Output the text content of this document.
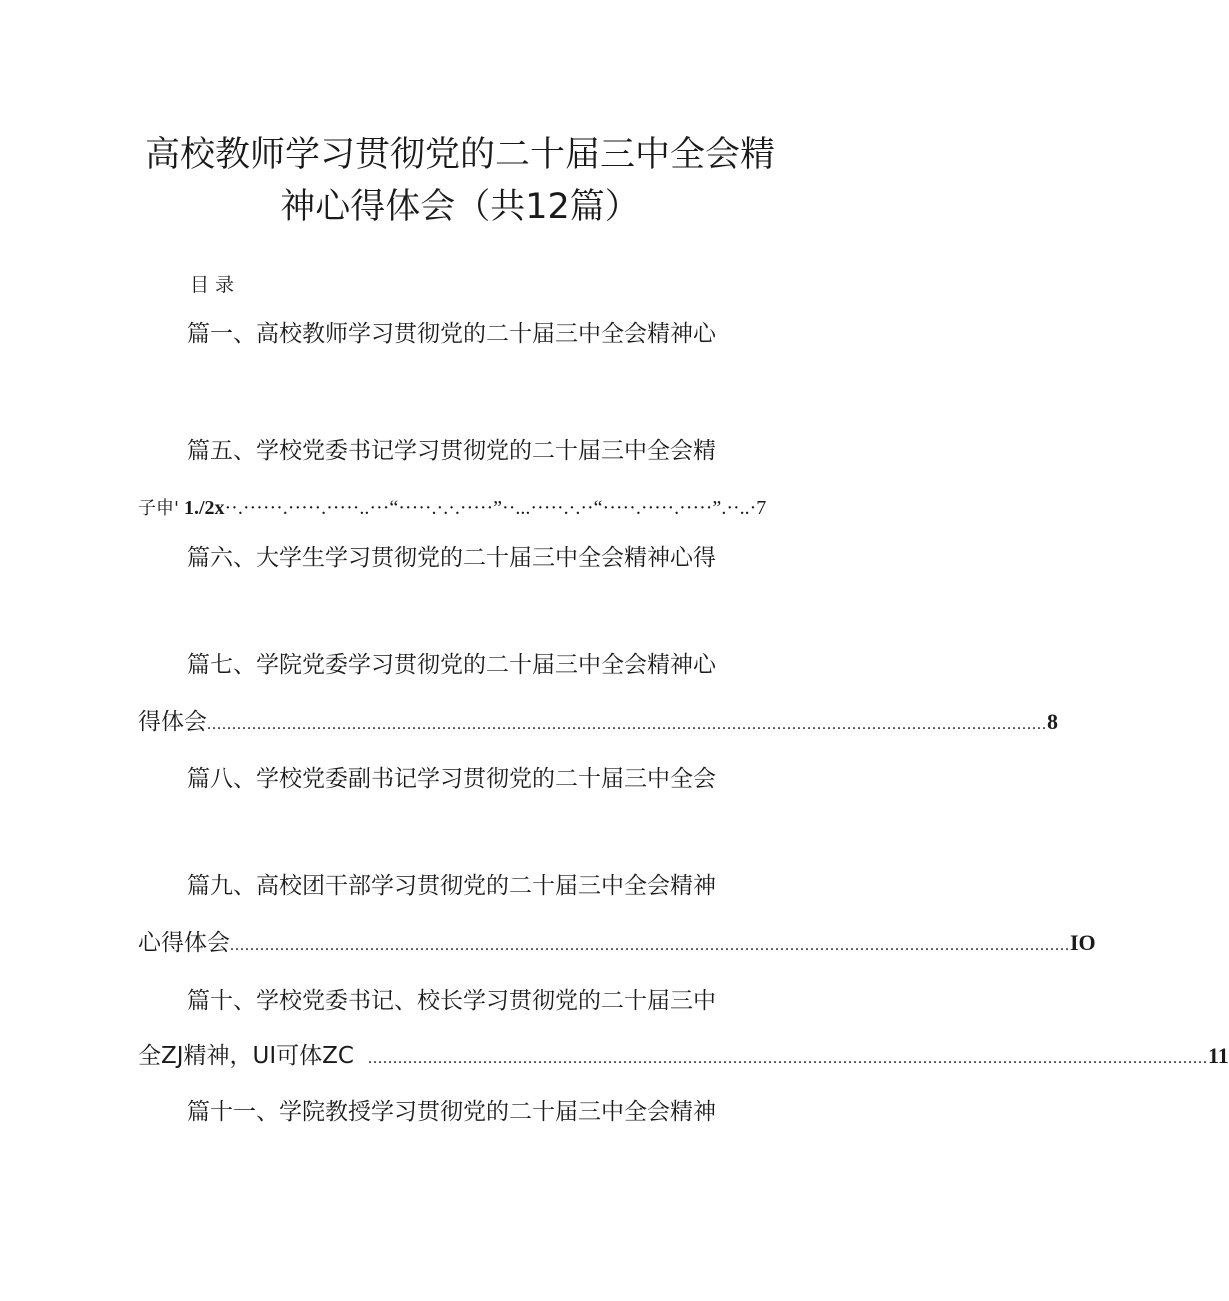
高校教师学习贯彻党的二十届三中全会精
神心得体会（共12篇）
目录
篇一、高校教师学习贯彻党的二十届三中全会精神心
篇五、学校党委书记学习贯彻党的二十届三中全会精
子申' 1./2x··.······.·····.·····..···“·····.·.·.·····”··...·····.·.··“·····.·····.·····”.··..·7
篇六、大学生学习贯彻党的二十届三中全会精神心得
篇七、学院党委学习贯彻党的二十届三中全会精神心
得体会 ........................................................................................................................................................................ 8
篇八、学校党委副书记学习贯彻党的二十届三中全会
篇九、高校团干部学习贯彻党的二十届三中全会精神
心得体会 ........................................................................................................................................................................ IO
篇十、学校党委书记、校长学习贯彻党的二十届三中
全ZJ精神，UI可体ZC ........................................................................................................................................................................ 11
篇十一、学院教授学习贯彻党的二十届三中全会精神
